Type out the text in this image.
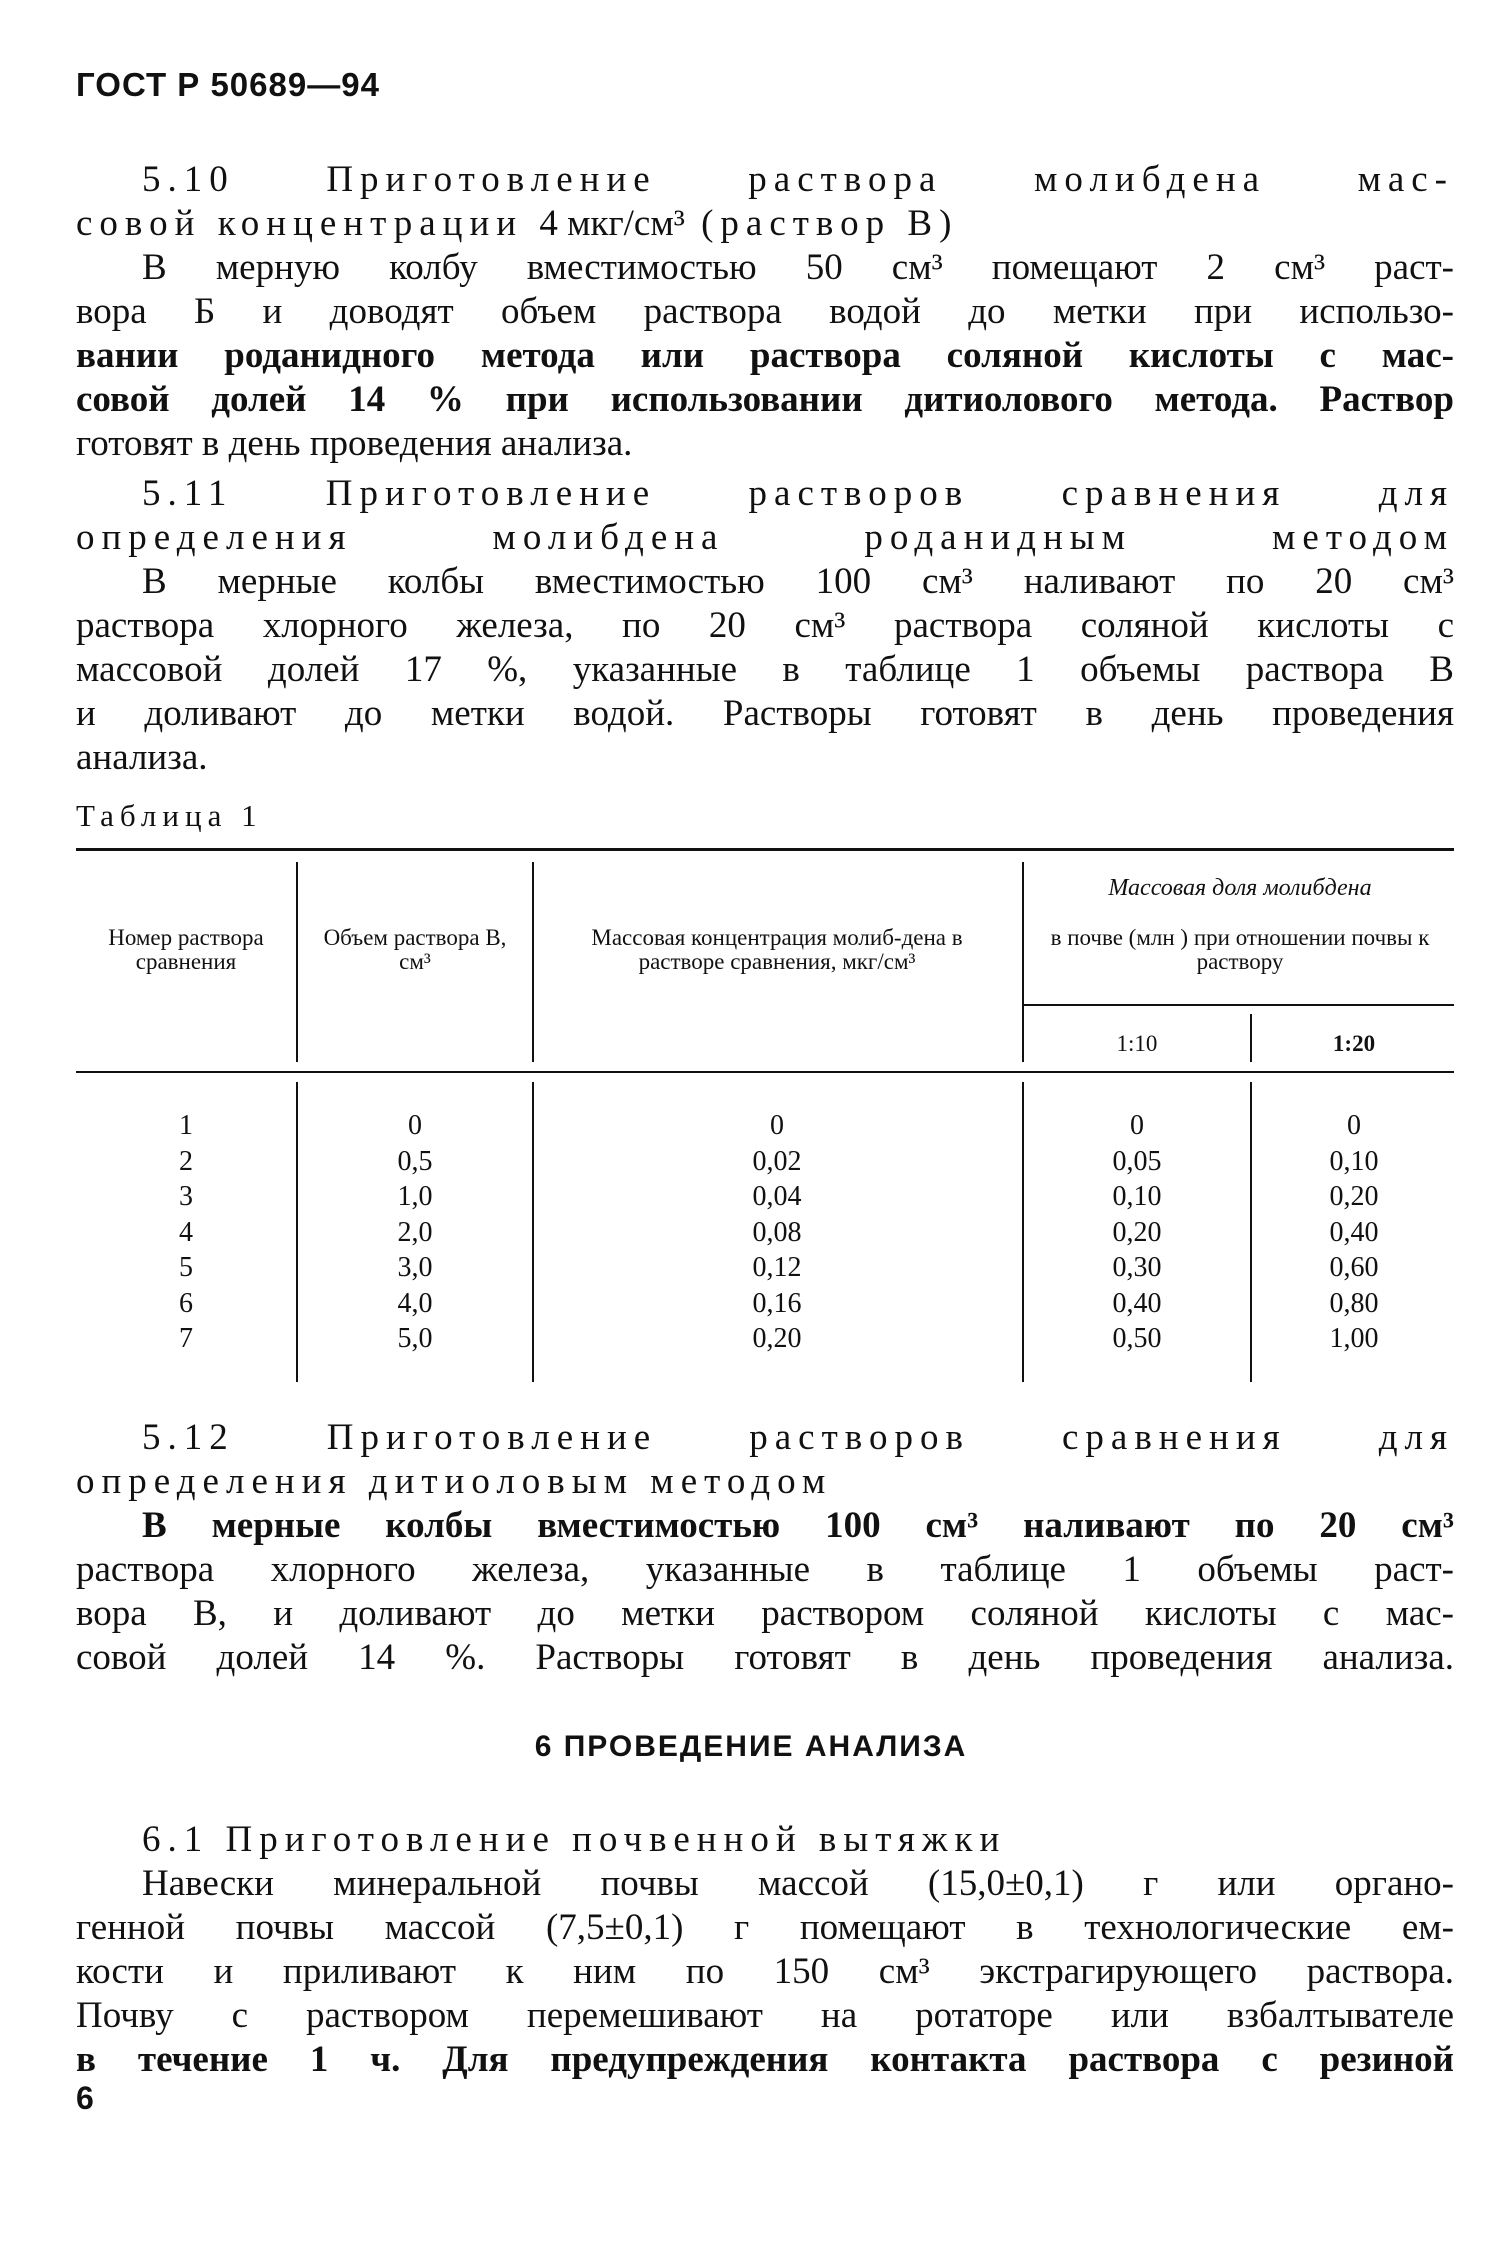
ГОСТ Р 50689—94
5.10 Приготовление раствора молибдена мас-
совой концентрации 4 мкг/см³ (раствор В)
В мерную колбу вместимостью 50 см³ помещают 2 см³ раст-
вора Б и доводят объем раствора водой до метки при использо-
вании роданидного метода или раствора соляной кислоты с мас-
совой долей 14 % при использовании дитиолового метода. Раствор
готовят в день проведения анализа.
5.11 Приготовление растворов сравнения для
определения молибдена роданидным методом
В мерные колбы вместимостью 100 см³ наливают по 20 см³
раствора хлорного железа, по 20 см³ раствора соляной кислоты с
массовой долей 17 %, указанные в таблице 1 объемы раствора В
и доливают до метки водой. Растворы готовят в день проведения
анализа.
Таблица 1
Номер раствора сравнения
Объем раствора В, см³
Массовая концентрация молиб-дена в растворе сравнения, мкг/см³
Массовая доля молибдена
в почве (млн ) при отношении почвы к раствору
1:10	1:20
1
2
3
4
5
6
7
0
0,5
1,0
2,0
3,0
4,0
5,0
0
0,02
0,04
0,08
0,12
0,16
0,20
0
0,05
0,10
0,20
0,30
0,40
0,50
0
0,10
0,20
0,40
0,60
0,80
1,00
5.12 Приготовление растворов сравнения для
определения дитиоловым методом
В мерные колбы вместимостью 100 см³ наливают по 20 см³
раствора хлорного железа, указанные в таблице 1 объемы раст-
вора В, и доливают до метки раствором соляной кислоты с мас-
совой долей 14 %. Растворы готовят в день проведения анализа.
6 ПРОВЕДЕНИЕ АНАЛИЗА
6.1 Приготовление почвенной вытяжки
Навески минеральной почвы массой (15,0±0,1) г или органо-
генной почвы массой (7,5±0,1) г помещают в технологические ем-
кости и приливают к ним по 150 см³ экстрагирующего раствора.
Почву с раствором перемешивают на ротаторе или взбалтывателе
в течение 1 ч. Для предупреждения контакта раствора с резиной
6
